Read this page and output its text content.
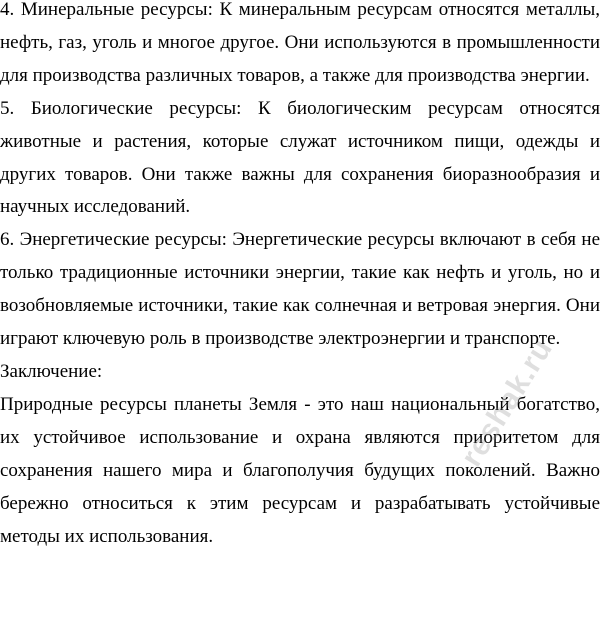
4. Минеральные ресурсы: К минеральным ресурсам относятся металлы, нефть, газ, уголь и многое другое. Они используются в промышленности для производства различных товаров, а также для производства энергии.

5. Биологические ресурсы: К биологическим ресурсам относятся животные и растения, которые служат источником пищи, одежды и других товаров. Они также важны для сохранения биоразнообразия и научных исследований.

6. Энергетические ресурсы: Энергетические ресурсы включают в себя не только традиционные источники энергии, такие как нефть и уголь, но и возобновляемые источники, такие как солнечная и ветровая энергия. Они играют ключевую роль в производстве электроэнергии и транспорте.

Заключение:

Природные ресурсы планеты Земля - это наш национальный богатство, их устойчивое использование и охрана являются приоритетом для сохранения нашего мира и благополучия будущих поколений. Важно бережно относиться к этим ресурсам и разрабатывать устойчивые методы их использования.

reshak.ru
